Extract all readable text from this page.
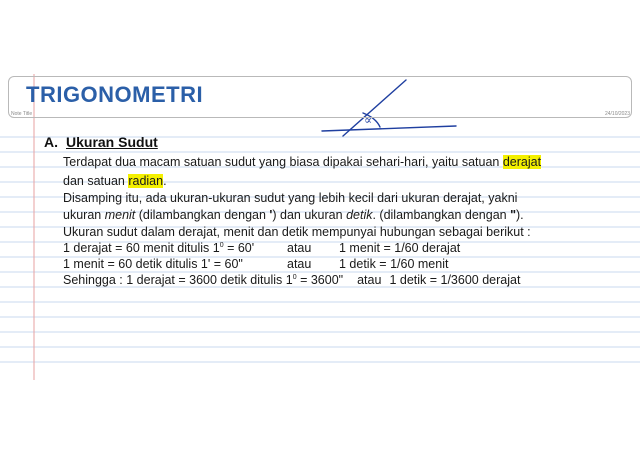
∝
TRIGONOMETRI
Note Title	24/10/2023
A. Ukuran Sudut
Terdapat dua macam satuan sudut yang biasa dipakai sehari-hari, yaitu satuan derajat
dan satuan radian.
Disamping itu, ada ukuran-ukuran sudut yang lebih kecil dari ukuran derajat, yakni
ukuran menit (dilambangkan dengan ') dan ukuran detik. (dilambangkan dengan ").
Ukuran sudut dalam derajat, menit dan detik mempunyai hubungan sebagai berikut :
1 derajat = 60 menit ditulis $1^0 = 60'$	atau 1 menit = 1/60 derajat
1 menit = 60 detik ditulis 1' = 60"	atau 1 detik = 1/60 menit
Sehingga : 1 derajat = 3600 detik ditulis $1^0 = 3600$" atau 1 detik = 1/3600 derajat
